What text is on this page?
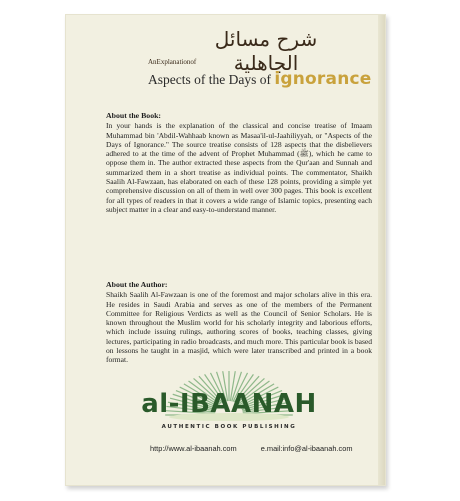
شرح مسائل الجاهلية
AnExplanationof
Aspects of the Days of ignorance
About the Book:

In your hands is the explanation of the classical and concise treatise of Imaam Muhammad bin 'Abdil-Wahhaab known as Masaa'il-ul-Jaahiliyyah, or "Aspects of the Days of Ignorance." The source treatise consists of 128 aspects that the disbelievers adhered to at the time of the advent of Prophet Muhammad (ﷺ), which he came to oppose them in. The author extracted these aspects from the Qur'aan and Sunnah and summarized them in a short treatise as individual points. The commentator, Shaikh Saalih Al-Fawzaan, has elaborated on each of these 128 points, providing a simple yet comprehensive discussion on all of them in well over 300 pages. This book is excellent for all types of readers in that it covers a wide range of Islamic topics, presenting each subject matter in a clear and easy-to-understand manner.

About the Author:

Shaikh Saalih Al-Fawzaan is one of the foremost and major scholars alive in this era. He resides in Saudi Arabia and serves as one of the members of the Permanent Committee for Religious Verdicts as well as the Council of Senior Scholars. He is known throughout the Muslim world for his scholarly integrity and laborious efforts, which include issuing rulings, authoring scores of books, teaching classes, giving lectures, participating in radio broadcasts, and much more. This particular book is based on lessons he taught in a masjid, which were later transcribed and printed in a book format.

al-IBAANAH
AUTHENTIC BOOK PUBLISHING
http://www.al-ibaanah.com	e.mail:info@al-ibaanah.com
